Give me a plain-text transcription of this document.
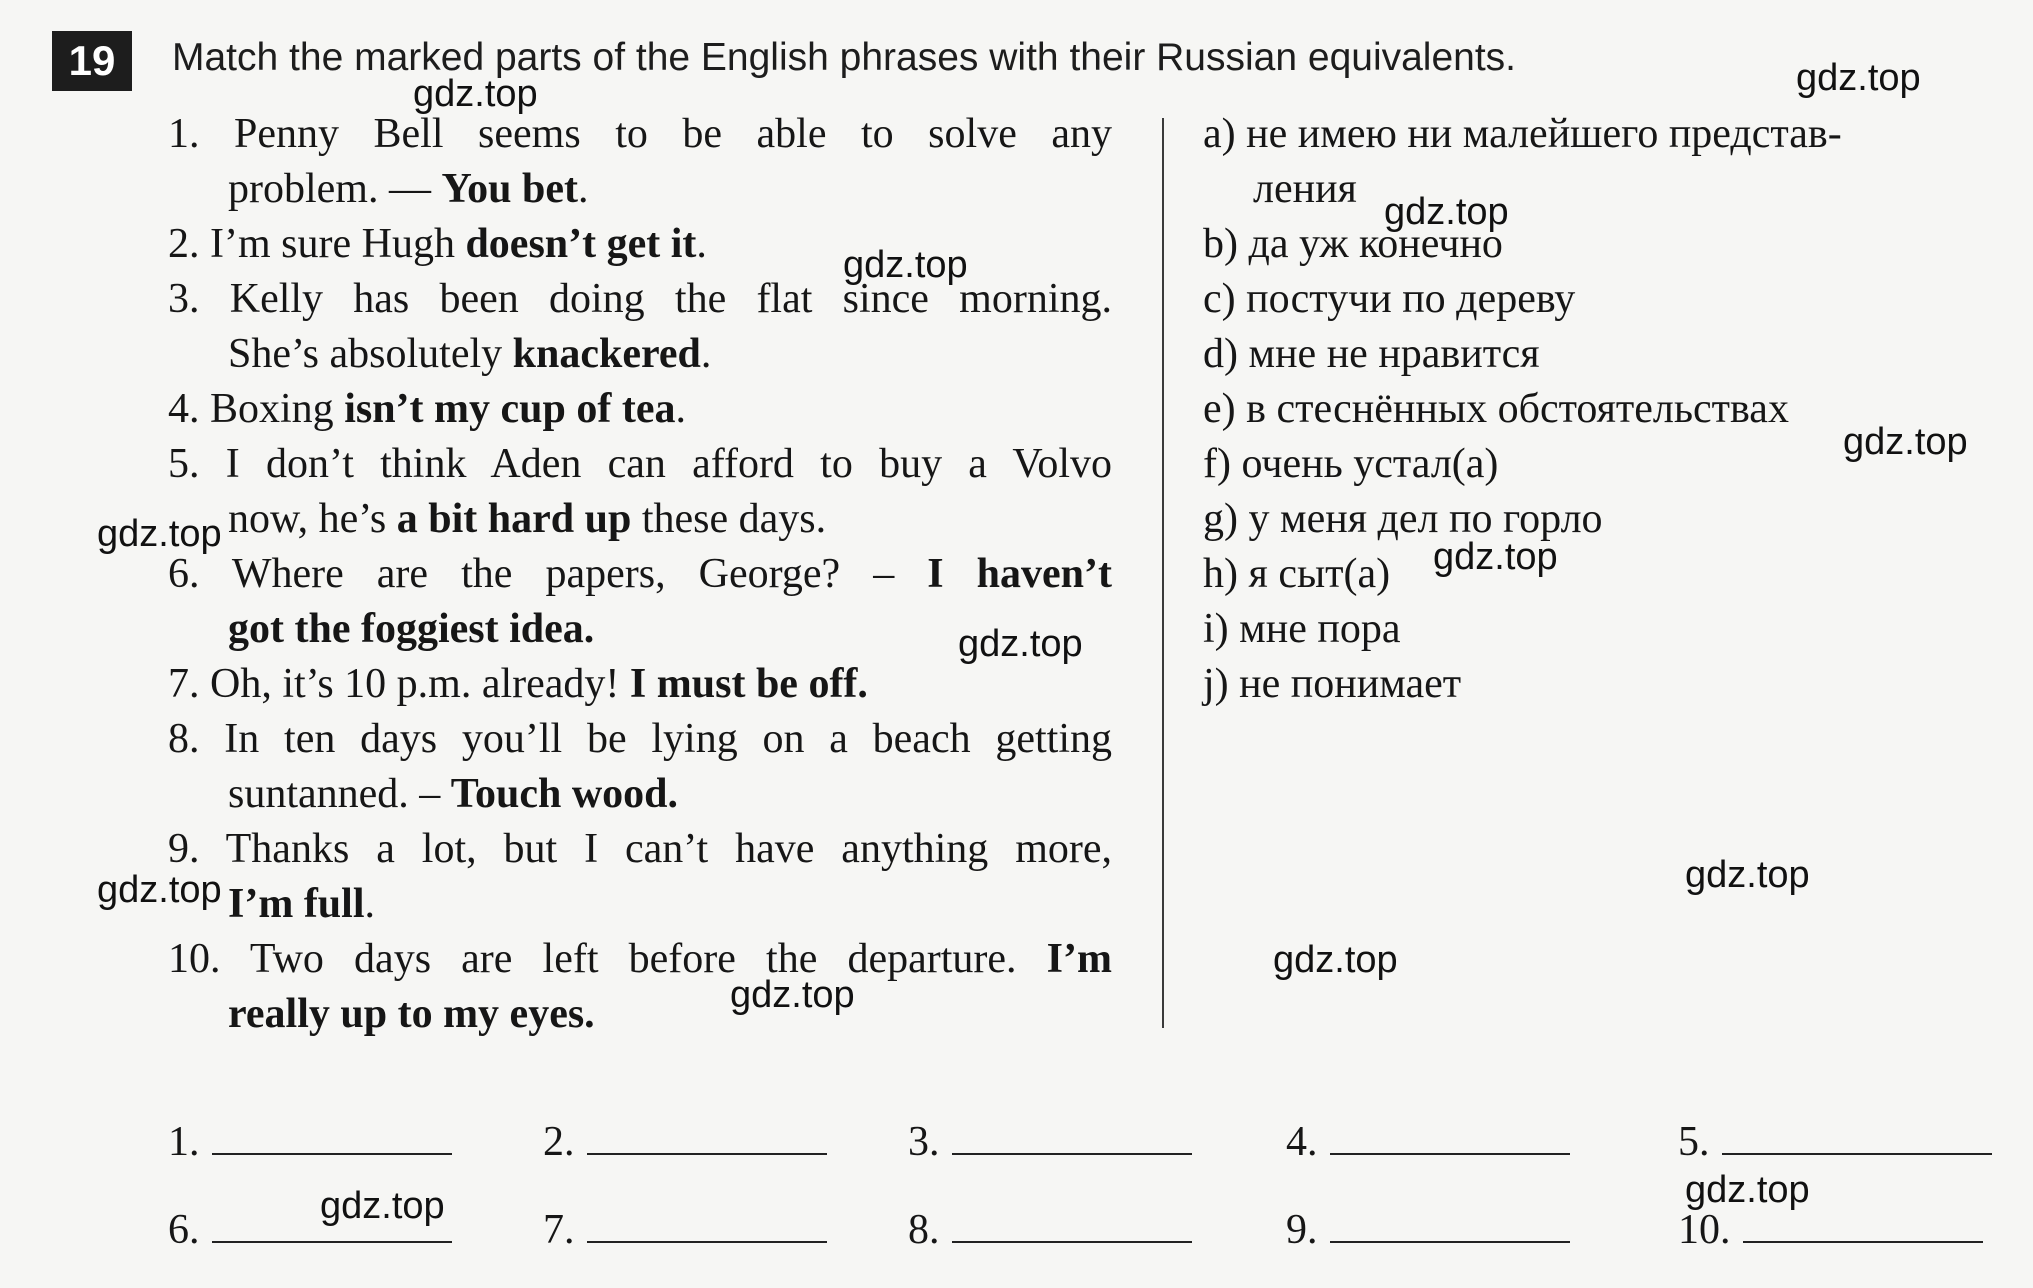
19	Match the marked parts of the English phrases with their Russian equivalents.
1. Penny Bell seems to be able to solve any
problem. — You bet.
2. I’m sure Hugh doesn’t get it.
3. Kelly has been doing the flat since morning.
She’s absolutely knackered.
4. Boxing isn’t my cup of tea.
5. I don’t think Aden can afford to buy a Volvo
now, he’s a bit hard up these days.
6. Where are the papers, George? – I haven’t
got the foggiest idea.
7. Oh, it’s 10 p.m. already! I must be off.
8. In ten days you’ll be lying on a beach getting
suntanned. – Touch wood.
9. Thanks a lot, but I can’t have anything more,
I’m full.
10. Two days are left before the departure. I’m
really up to my eyes.
a) не имею ни малейшего представ-
ления
b) да уж конечно
c) постучи по дереву
d) мне не нравится
e) в стеснённых обстоятельствах
f) очень устал(а)
g) у меня дел по горло
h) я сыт(а)
i) мне пора
j) не понимает
1.	2.	3.	4.	5.
6.	7.	8.	9.	10.
gdz.top	gdz.top
gdz.top
gdz.top
gdz.top
gdz.top
gdz.top
gdz.top
gdz.top
gdz.top
gdz.top
gdz.top
gdz.top
gdz.top
